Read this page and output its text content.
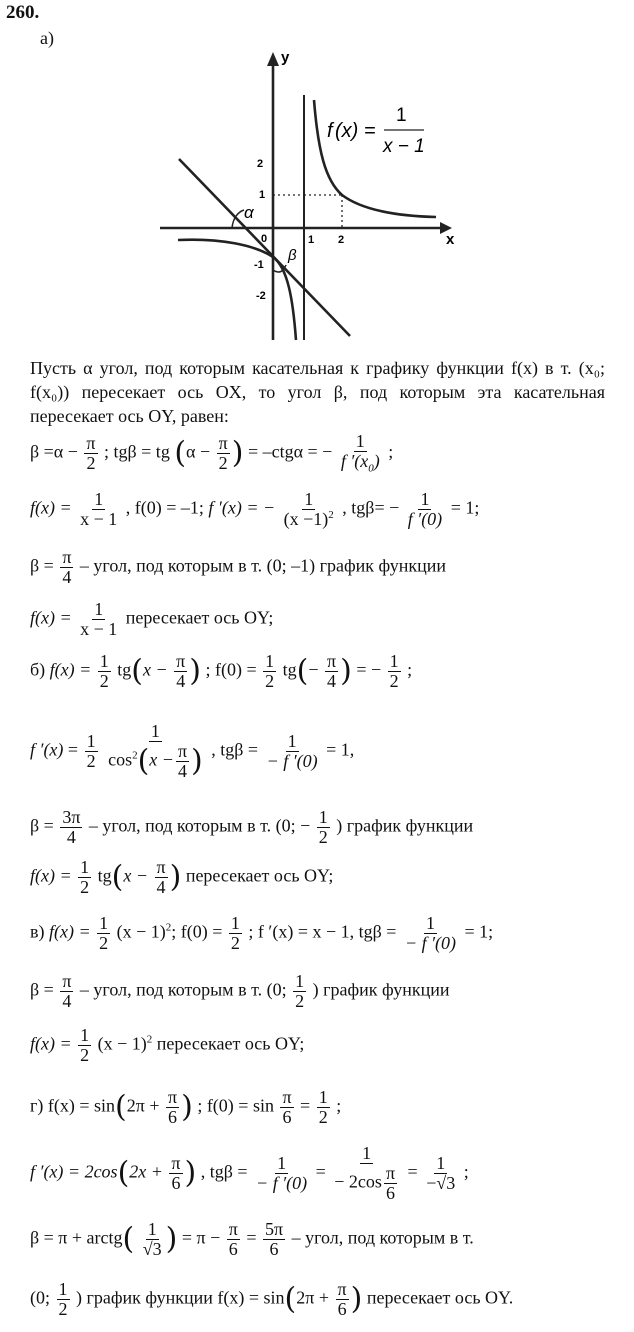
260.
а)
y
x
2
1
0
-1
-2
1 2
α
β
f (x) =
1
x − 1
Пусть α угол, под которым касательная к графику функции f(x) в т. (x₀; f(x₀)) пересекает ось OX, то угол β, под которым эта касательная пересекает ось OY, равен:
$\beta =\alpha - \frac{\pi}{2}$ ; tgβ = tg ($\alpha - \frac{\pi}{2}$ ) = –ctgα = − $\frac{1}{f '(x_0)}$ ;
$f(x) = \frac{1}{x - 1}$ , f(0) = –1; f ′(x) = − $\frac{1}{(x -1)^2}$ , $tg\beta= - \frac{1}{f '(0)} = 1$;
$\beta = \frac{\pi}{4}$ – угол, под которым в т. (0; –1) график функции
$f(x) = \frac{1}{x - 1}$ пересекает ось OY;
б) $f(x) = \frac{1}{2} tg(x - \frac{\pi}{4}$ ) ; $f(0) = \frac{1}{2} tg(- \frac{\pi}{4}$ ) = − $\frac{1}{2}$ ;
f $'(x) = \frac{1}{2}$
$\frac{1}{\cos^2(x - \frac{\pi}{4} )}$ , $tg\beta = \frac{1}{- f '(0)} = 1$,
$\beta = \frac{3\pi}{4}$ – угол, под которым в т. (0; − $\frac{1}{2}$ ) график функции
$f(x) = \frac{1}{2} tg(x - \frac{\pi}{4}$ ) пересекает ось OY;
в) $f(x) = \frac{1}{2} (x - 1)^2$; $f(0) = \frac{1}{2}$ ; f ′(x) = x − 1, $tg\beta = \frac{1}{- f '(0)} = 1$;
$\beta = \frac{\pi}{4}$ – угол, под которым в т. (0; $\frac{1}{2}$ ) график функции
$f(x) = \frac{1}{2} (x - 1)^2$ пересекает ось OY;
г) $f(x) = \sin(2\pi + \frac{\pi}{6}$ ) ; $f(0) = \sin \frac{\pi}{6} = \frac{1}{2}$ ;
f $'(x) = 2\cos(2x + \frac{\pi}{6}$ ) , $tg\beta = \frac{1}{- f '(0)} = \frac{1}{- 2\cos \frac{\pi}{6}} = \frac{1}{-√3}$ ;
β = π + arctg( $\frac{1}{√3}$ ) = $\pi - \frac{\pi}{6} = \frac{5\pi}{6}$ – угол, под которым в т.
(0; $\frac{1}{2}$ ) график функции $f(x) = \sin(2\pi + \frac{\pi}{6}$ ) пересекает ось OY.
